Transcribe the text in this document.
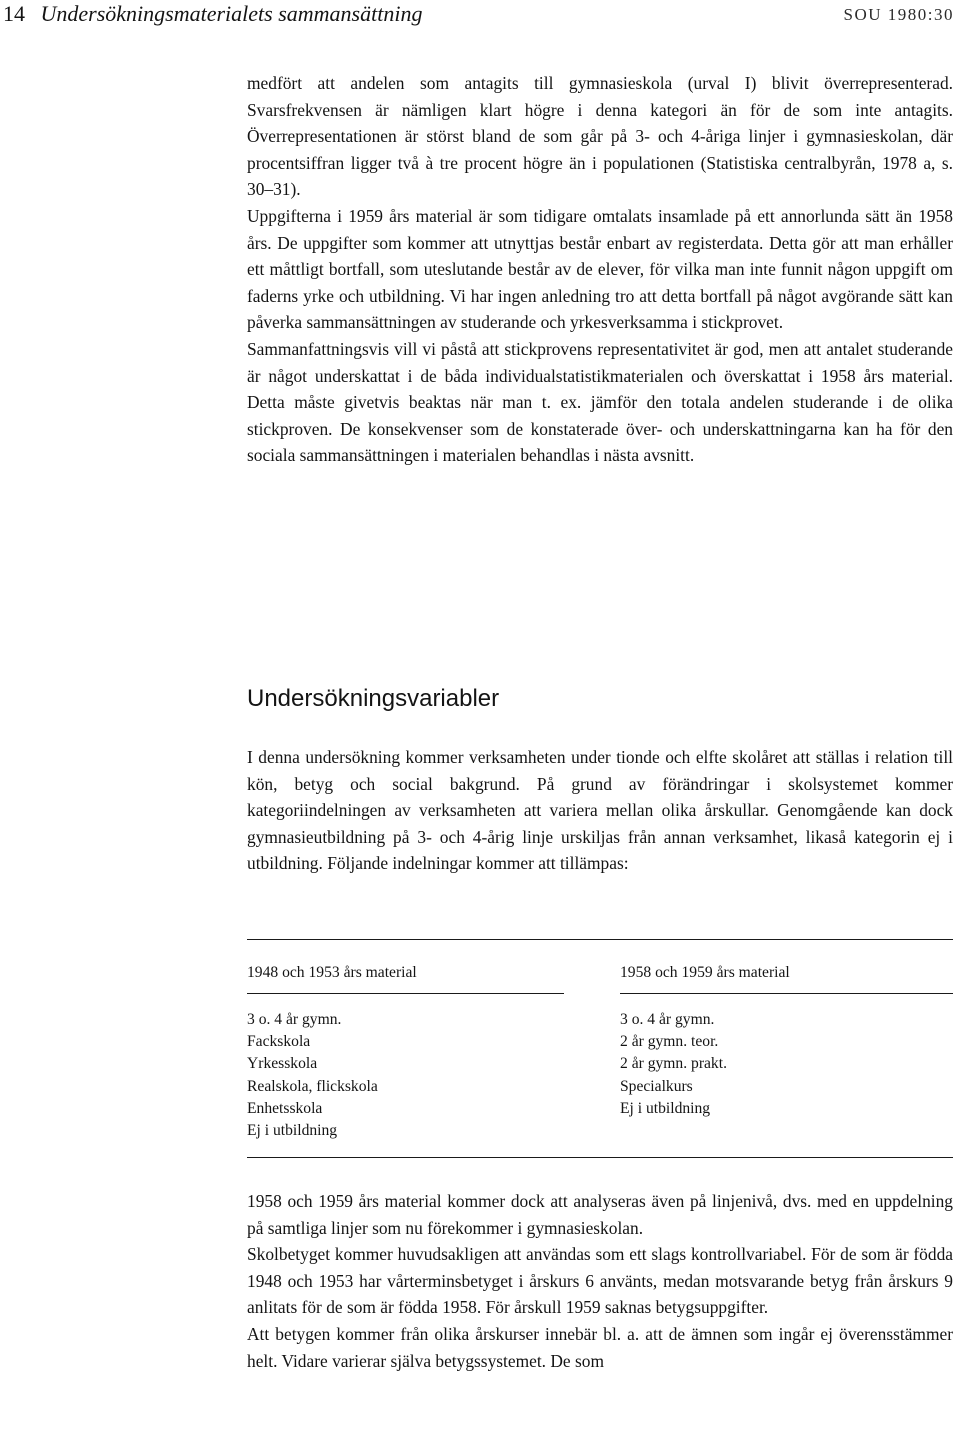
14 Undersökningsmaterialets sammansättning	SOU 1980:30

medfört att andelen som antagits till gymnasieskola (urval I) blivit överrepresenterad. Svarsfrekvensen är nämligen klart högre i denna kategori än för de som inte antagits. Överrepresentationen är störst bland de som går på 3- och 4-åriga linjer i gymnasieskolan, där procentsiffran ligger två à tre procent högre än i populationen (Statistiska centralbyrån, 1978 a, s. 30–31).

Uppgifterna i 1959 års material är som tidigare omtalats insamlade på ett annorlunda sätt än 1958 års. De uppgifter som kommer att utnyttjas består enbart av registerdata. Detta gör att man erhåller ett måttligt bortfall, som uteslutande består av de elever, för vilka man inte funnit någon uppgift om faderns yrke och utbildning. Vi har ingen anledning tro att detta bortfall på något avgörande sätt kan påverka sammansättningen av studerande och yrkesverksamma i stickprovet.

Sammanfattningsvis vill vi påstå att stickprovens representativitet är god, men att antalet studerande är något underskattat i de båda individualstatistikmaterialen och överskattat i 1958 års material. Detta måste givetvis beaktas när man t. ex. jämför den totala andelen studerande i de olika stickproven. De konsekvenser som de konstaterade över- och underskattningarna kan ha för den sociala sammansättningen i materialen behandlas i nästa avsnitt.

Undersökningsvariabler

I denna undersökning kommer verksamheten under tionde och elfte skolåret att ställas i relation till kön, betyg och social bakgrund. På grund av förändringar i skolsystemet kommer kategoriindelningen av verksamheten att variera mellan olika årskullar. Genomgående kan dock gymnasieutbildning på 3- och 4-årig linje urskiljas från annan verksamhet, likaså kategorin ej i utbildning. Följande indelningar kommer att tillämpas:

1948 och 1953 års material	1958 och 1959 års material
3 o. 4 år gymn.
Fackskola
Yrkesskola
Realskola, flickskola
Enhetsskola
Ej i utbildning
3 o. 4 år gymn.
2 år gymn. teor.
2 år gymn. prakt.
Specialkurs
Ej i utbildning

1958 och 1959 års material kommer dock att analyseras även på linjenivå, dvs. med en uppdelning på samtliga linjer som nu förekommer i gymnasieskolan.

Skolbetyget kommer huvudsakligen att användas som ett slags kontrollvariabel. För de som är födda 1948 och 1953 har vårterminsbetyget i årskurs 6 använts, medan motsvarande betyg från årskurs 9 anlitats för de som är födda 1958. För årskull 1959 saknas betygsuppgifter.

Att betygen kommer från olika årskurser innebär bl. a. att de ämnen som ingår ej överensstämmer helt. Vidare varierar själva betygssystemet. De som
